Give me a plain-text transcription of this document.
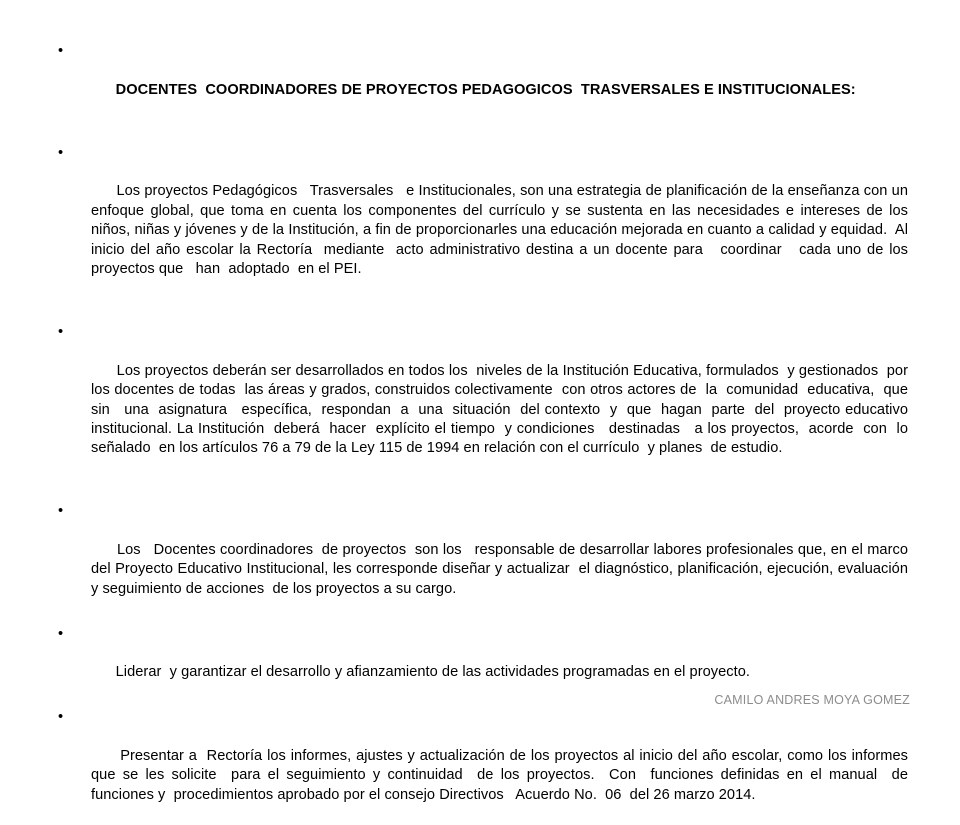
•

DOCENTES  COORDINADORES DE PROYECTOS PEDAGOGICOS  TRASVERSALES E INSTITUCIONALES:

•

Los proyectos Pedagógicos   Trasversales   e Institucionales, son una estrategia de planificación de la enseñanza con un enfoque global, que toma en cuenta los componentes del currículo y se sustenta en las necesidades e intereses de los niños, niñas y jóvenes y de la Institución, a fin de proporcionarles una educación mejorada en cuanto a calidad y equidad.  Al inicio del año escolar la Rectoría  mediante  acto administrativo destina a un docente para   coordinar   cada uno de los proyectos que   han  adoptado  en el PEI.

•

Los proyectos deberán ser desarrollados en todos los  niveles de la Institución Educativa, formulados  y gestionados  por los docentes de todas  las áreas y grados, construidos colectivamente  con otros actores de  la  comunidad  educativa,  que  sin   una  asignatura   específica,  respondan  a  una  situación  del contexto  y  que  hagan  parte  del  proyecto educativo institucional. La Institución  deberá  hacer  explícito el tiempo  y condiciones   destinadas   a los proyectos,  acorde  con  lo señalado  en los artículos 76 a 79 de la Ley 115 de 1994 en relación con el currículo  y planes  de estudio.

•

Los   Docentes coordinadores  de proyectos  son los   responsable de desarrollar labores profesionales que, en el marco del Proyecto Educativo Institucional, les corresponde diseñar y actualizar  el diagnóstico, planificación, ejecución, evaluación  y seguimiento de acciones  de los proyectos a su cargo.

•

Liderar  y garantizar el desarrollo y afianzamiento de las actividades programadas en el proyecto.

•

Presentar a  Rectoría los informes, ajustes y actualización de los proyectos al inicio del año escolar, como los informes  que se les solicite  para el seguimiento y continuidad  de los proyectos.  Con  funciones definidas en el manual  de   funciones y  procedimientos aprobado por el consejo Directivos   Acuerdo No.  06  del 26 marzo 2014.

CAMILO ANDRES MOYA GOMEZ
